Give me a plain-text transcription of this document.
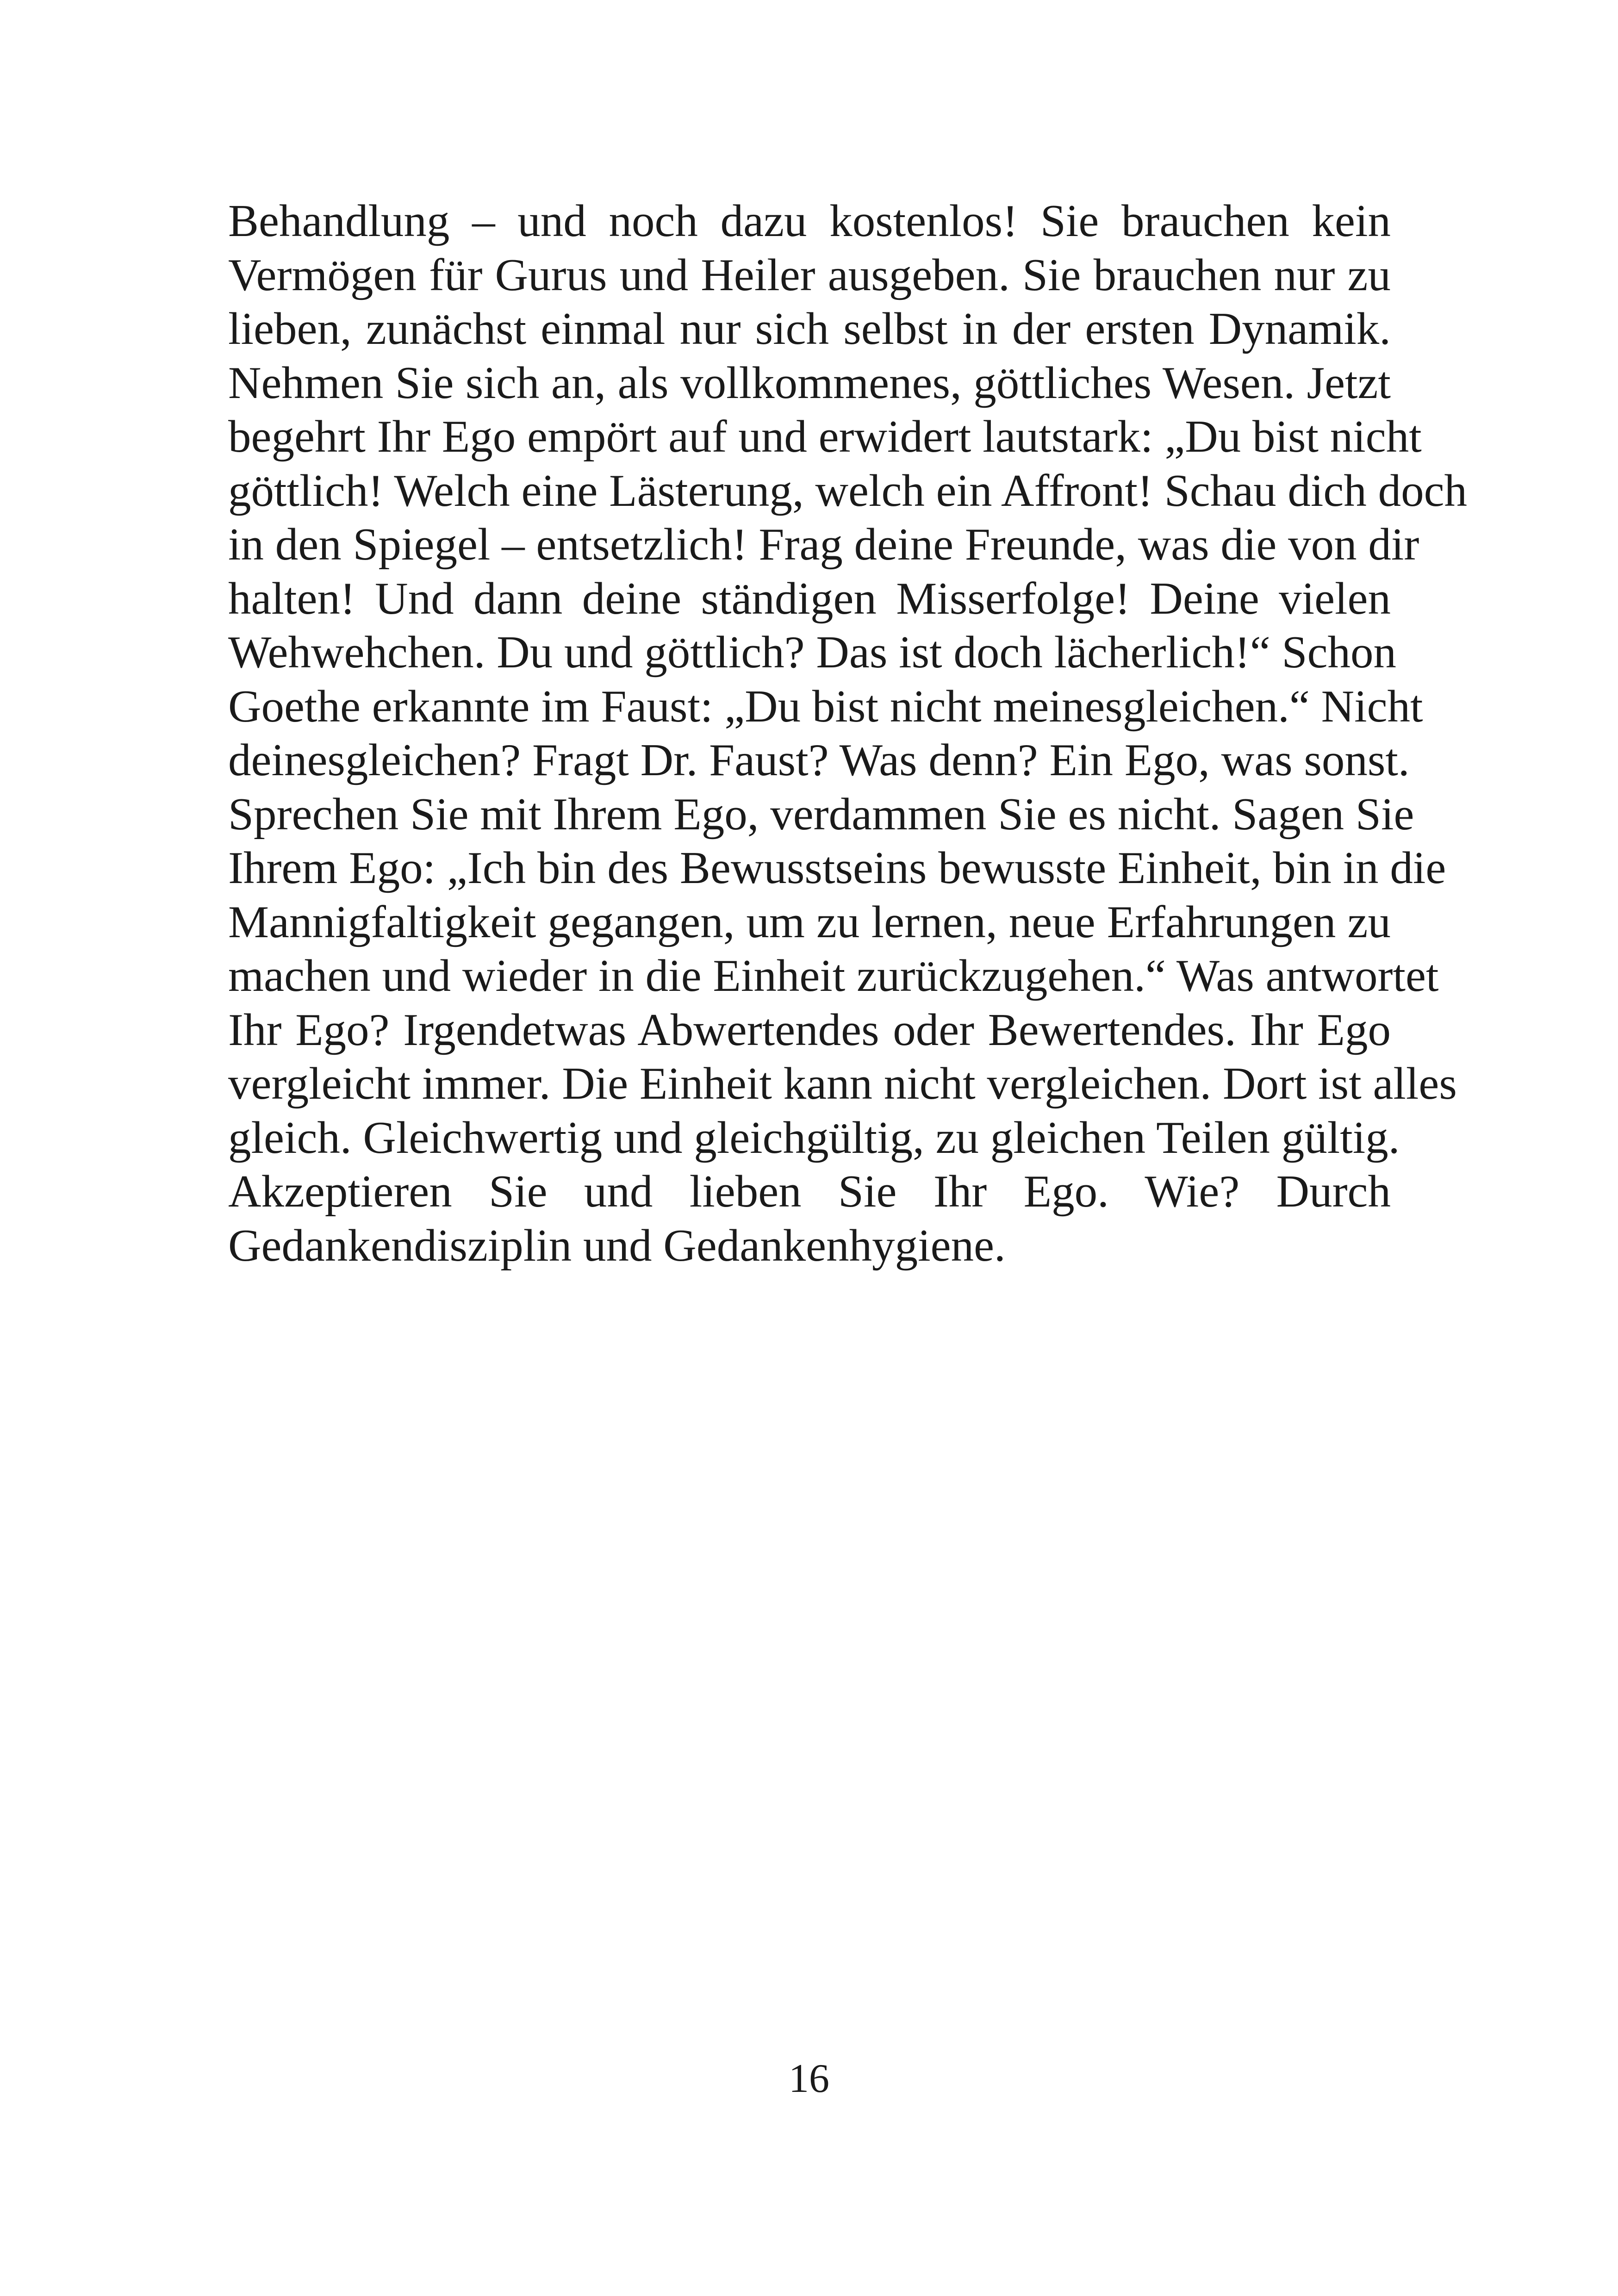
Behandlung – und noch dazu kostenlos! Sie brauchen kein
Vermögen für Gurus und Heiler ausgeben. Sie brauchen nur zu
lieben, zunächst einmal nur sich selbst in der ersten Dynamik.
Nehmen Sie sich an, als vollkommenes, göttliches Wesen. Jetzt
begehrt Ihr Ego empört auf und erwidert lautstark: „Du bist nicht
göttlich! Welch eine Lästerung, welch ein Affront! Schau dich doch
in den Spiegel – entsetzlich! Frag deine Freunde, was die von dir
halten! Und dann deine ständigen Misserfolge! Deine vielen
Wehwehchen. Du und göttlich? Das ist doch lächerlich!“ Schon
Goethe erkannte im Faust: „Du bist nicht meinesgleichen.“ Nicht
deinesgleichen? Fragt Dr. Faust? Was denn? Ein Ego, was sonst.
Sprechen Sie mit Ihrem Ego, verdammen Sie es nicht. Sagen Sie
Ihrem Ego: „Ich bin des Bewusstseins bewusste Einheit, bin in die
Mannigfaltigkeit gegangen, um zu lernen, neue Erfahrungen zu
machen und wieder in die Einheit zurückzugehen.“ Was antwortet
Ihr Ego? Irgendetwas Abwertendes oder Bewertendes. Ihr Ego
vergleicht immer. Die Einheit kann nicht vergleichen. Dort ist alles
gleich. Gleichwertig und gleichgültig, zu gleichen Teilen gültig.
Akzeptieren Sie und lieben Sie Ihr Ego. Wie? Durch
Gedankendisziplin und Gedankenhygiene.
16
